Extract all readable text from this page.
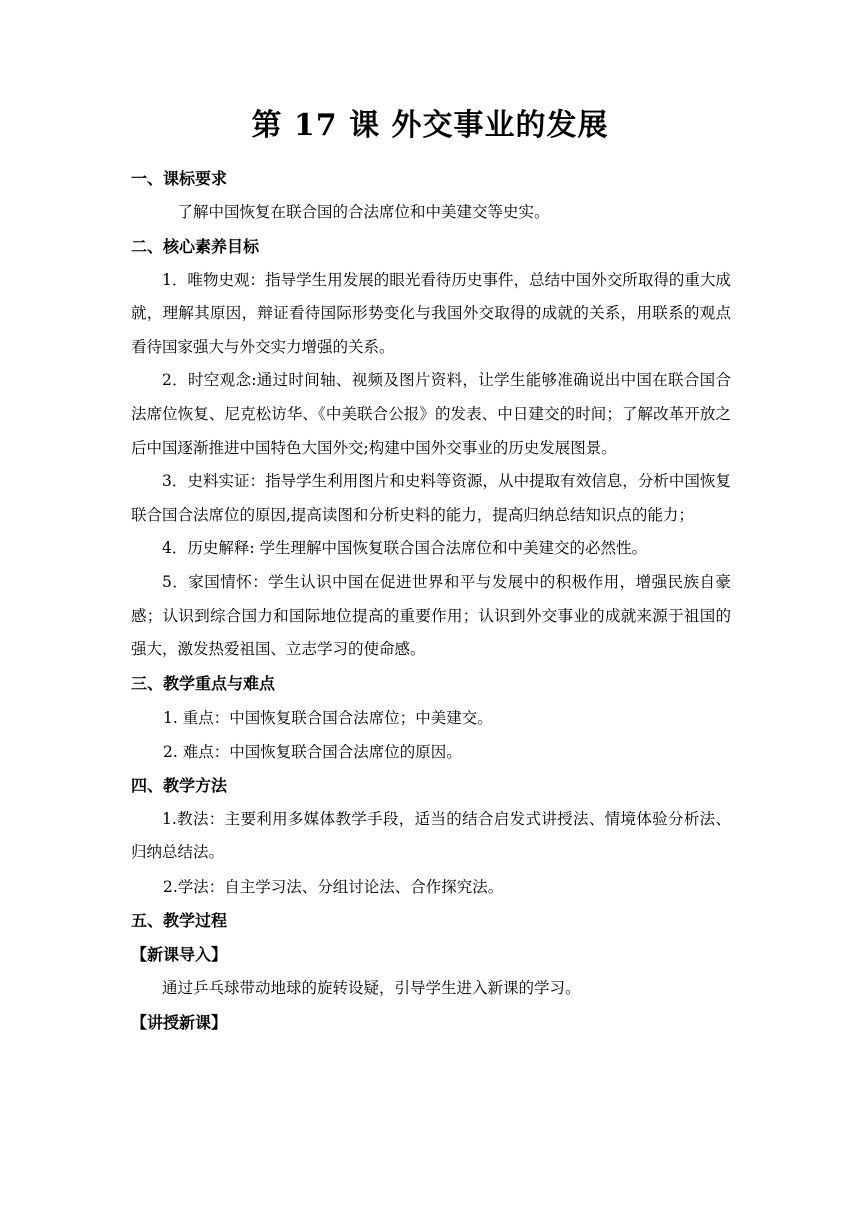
第 17 课 外交事业的发展
一、课标要求
了解中国恢复在联合国的合法席位和中美建交等史实。
二、核心素养目标
1．唯物史观：指导学生用发展的眼光看待历史事件，总结中国外交所取得的重大成就，理解其原因，辩证看待国际形势变化与我国外交取得的成就的关系，用联系的观点看待国家强大与外交实力增强的关系。
2．时空观念:通过时间轴、视频及图片资料，让学生能够准确说出中国在联合国合法席位恢复、尼克松访华、《中美联合公报》的发表、中日建交的时间；了解改革开放之后中国逐渐推进中国特色大国外交;构建中国外交事业的历史发展图景。
3．史料实证：指导学生利用图片和史料等资源，从中提取有效信息，分析中国恢复联合国合法席位的原因,提高读图和分析史料的能力，提高归纳总结知识点的能力；
4．历史解释: 学生理解中国恢复联合国合法席位和中美建交的必然性。
5．家国情怀：学生认识中国在促进世界和平与发展中的积极作用，增强民族自豪感；认识到综合国力和国际地位提高的重要作用；认识到外交事业的成就来源于祖国的强大，激发热爱祖国、立志学习的使命感。
三、教学重点与难点
1. 重点：中国恢复联合国合法席位；中美建交。
2. 难点：中国恢复联合国合法席位的原因。
四、教学方法
1.教法：主要利用多媒体教学手段，适当的结合启发式讲授法、情境体验分析法、归纳总结法。
2.学法：自主学习法、分组讨论法、合作探究法。
五、教学过程
【新课导入】
通过乒乓球带动地球的旋转设疑，引导学生进入新课的学习。
【讲授新课】
